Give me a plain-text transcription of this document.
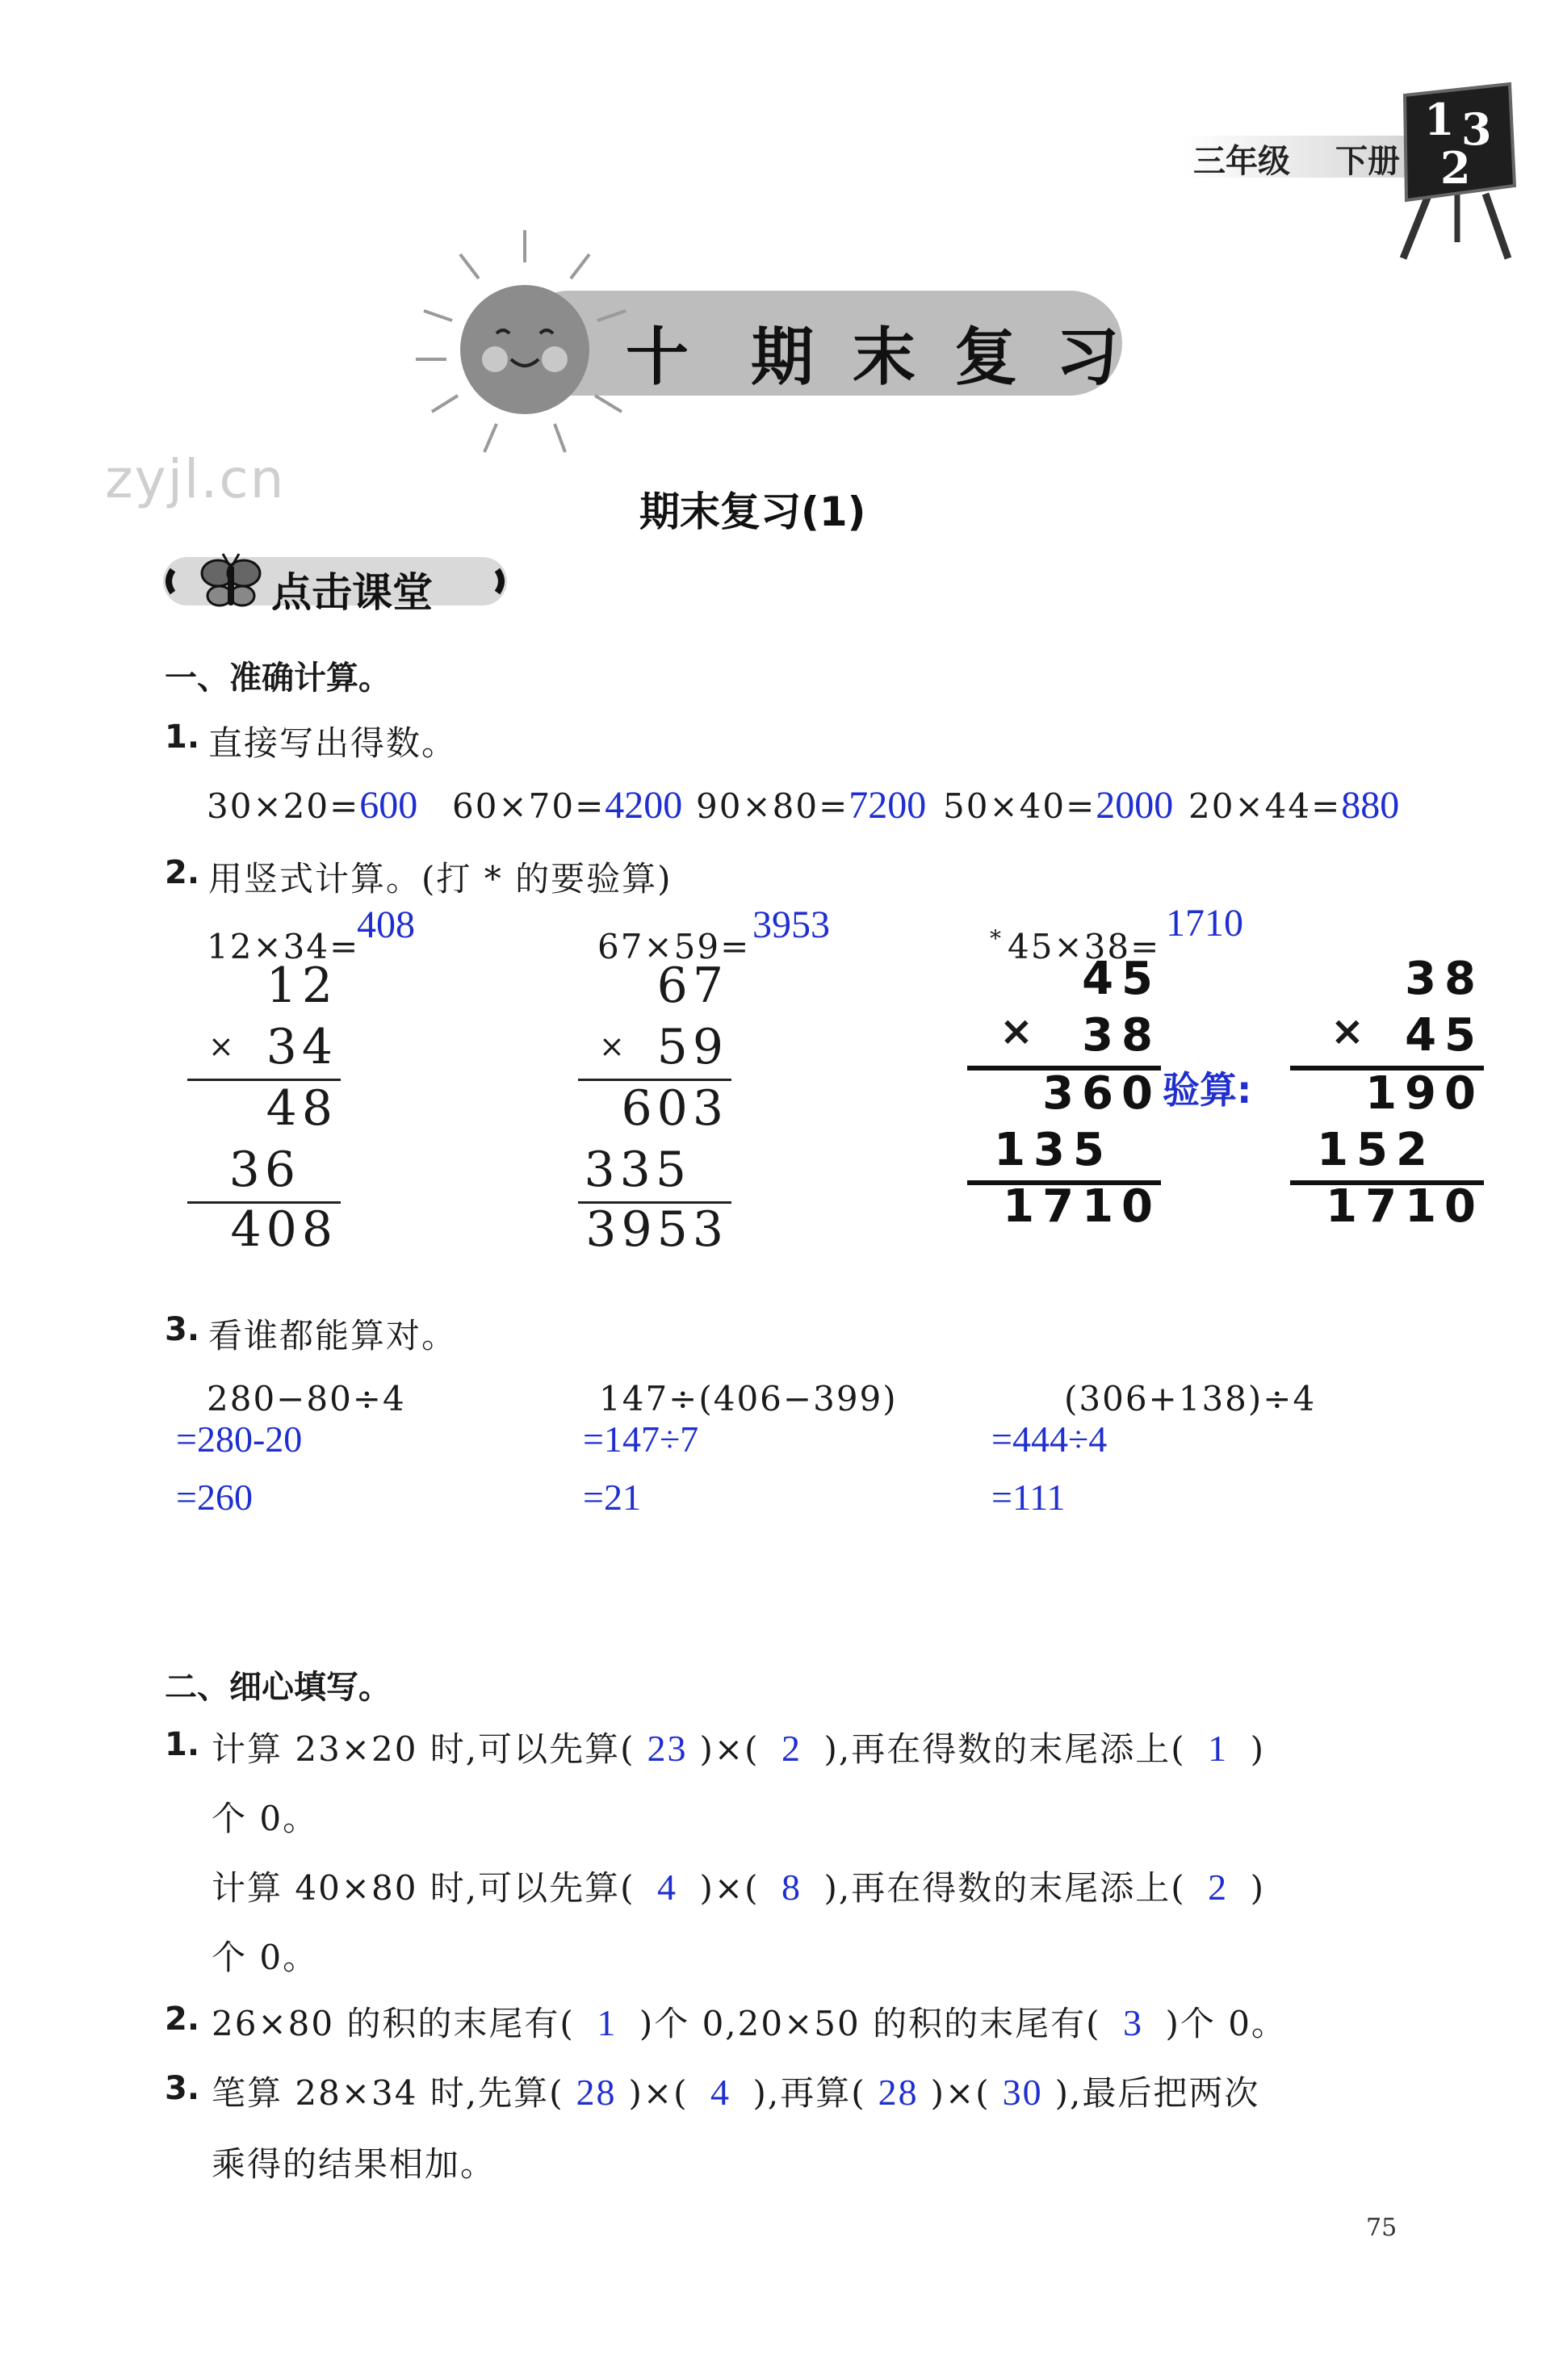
三年级 下册
1 3
2
十 期末复习
zyjl.cn
期末复习(1)
点击课堂
一、准确计算。
1. 直接写出得数。
30×20=600 60×70=4200 90×80=7200 50×40=2000 20×44=880
2. 用竖式计算。(打 * 的要验算)
12×34=
408
12
× 34
48
36
408
67×59=
3953
67
× 59
603
335
3953
* 45×38=
1710
45
× 38
360
135
1710
验算:
38
× 45
190
152
1710
3. 看谁都能算对。
280−80÷4
=280-20
=260
147÷(406−399)
=147÷7
=21
(306+138)÷4
=444÷4
=111
二、细心填写。
1. 计算 23×20 时,可以先算( 23 )×( 2 ),再在得数的末尾添上( 1 )
个 0。
计算 40×80 时,可以先算( 4 )×( 8 ),再在得数的末尾添上( 2 )
个 0。
2. 26×80 的积的末尾有( 1 )个 0,20×50 的积的末尾有( 3 )个 0。
3. 笔算 28×34 时,先算( 28 )×( 4 ),再算( 28 )×( 30 ),最后把两次
乘得的结果相加。
75
